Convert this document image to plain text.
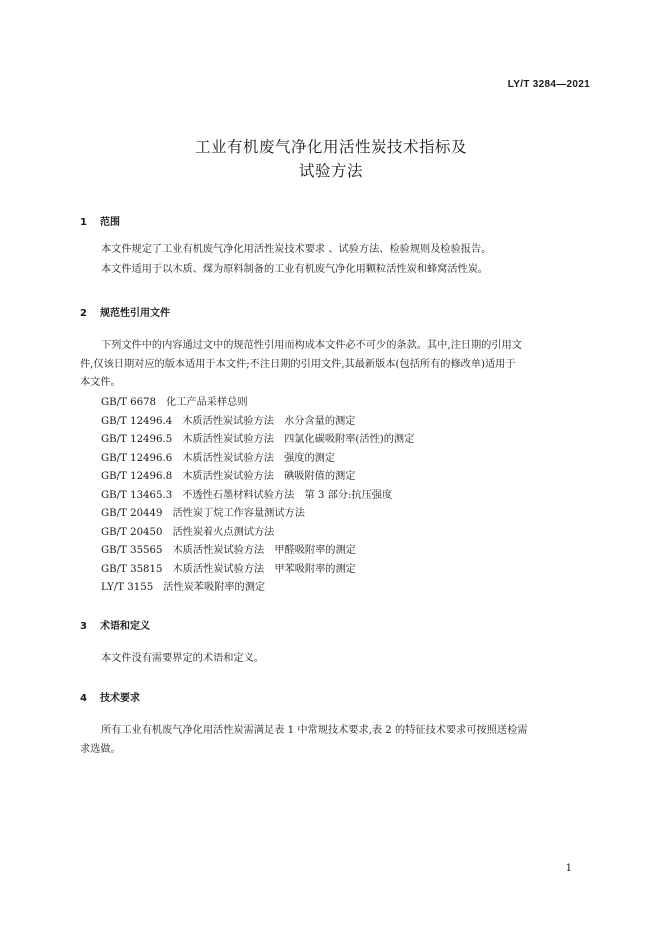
LY/T 3284—2021
工业有机废气净化用活性炭技术指标及
试验方法
1 范围
本文件规定了工业有机废气净化用活性炭技术要求 、试验方法、检验规则及检验报告。
本文件适用于以木质、煤为原料制备的工业有机废气净化用颗粒活性炭和蜂窝活性炭。
2 规范性引用文件
下列文件中的内容通过文中的规范性引用而构成本文件必不可少的条款。其中,注日期的引用文
件,仅该日期对应的版本适用于本文件;不注日期的引用文件,其最新版本(包括所有的修改单)适用于
本文件。
GB/T 6678 化工产品采样总则
GB/T 12496.4 木质活性炭试验方法　水分含量的测定
GB/T 12496.5 木质活性炭试验方法　四氯化碳吸附率(活性)的测定
GB/T 12496.6 木质活性炭试验方法　强度的测定
GB/T 12496.8 木质活性炭试验方法　碘吸附值的测定
GB/T 13465.3 不透性石墨材料试验方法　第 3 部分:抗压强度
GB/T 20449 活性炭丁烷工作容量测试方法
GB/T 20450 活性炭着火点测试方法
GB/T 35565 木质活性炭试验方法　甲醛吸附率的测定
GB/T 35815 木质活性炭试验方法　甲苯吸附率的测定
LY/T 3155 活性炭苯吸附率的测定
3 术语和定义
本文件没有需要界定的术语和定义。
4 技术要求
所有工业有机废气净化用活性炭需满足表 1 中常规技术要求,表 2 的特征技术要求可按照送检需
求选做。
1
